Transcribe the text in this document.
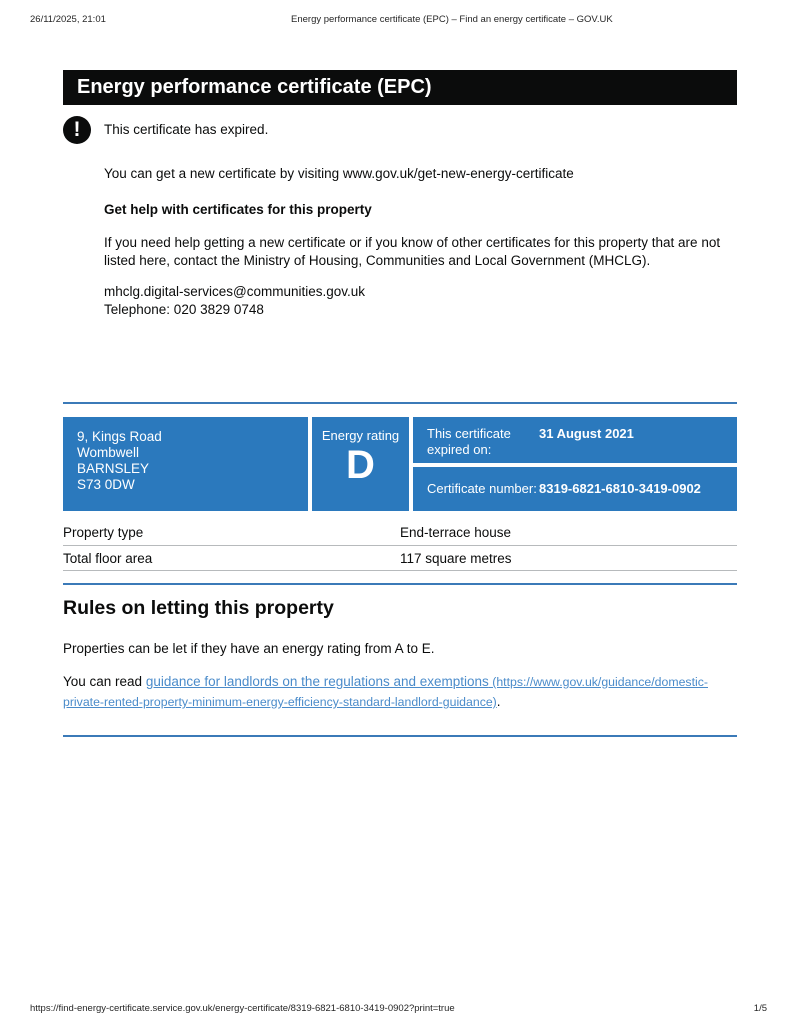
26/11/2025, 21:01	Energy performance certificate (EPC) – Find an energy certificate – GOV.UK
https://find-energy-certificate.service.gov.uk/energy-certificate/8319-6821-6810-3419-0902?print=true	1/5
Energy performance certificate (EPC)
!	This certificate has expired.

You can get a new certificate by visiting www.gov.uk/get-new-energy-certificate

Get help with certificates for this property

If you need help getting a new certificate or if you know of other certificates for this property that are not
listed here, contact the Ministry of Housing, Communities and Local Government (MHCLG).

mhclg.digital-services@communities.gov.uk
Telephone: 020 3829 0748

9, Kings Road
Wombwell
BARNSLEY
S73 0DW
Energy rating
D
This certificate expired on:
31 August 2021
Certificate number: 8319-6821-6810-3419-0902
Property type	End-terrace house
Total floor area	117 square metres
Rules on letting this property

Properties can be let if they have an energy rating from A to E.

You can read guidance for landlords on the regulations and exemptions (https://www.gov.uk/guidance/domestic-
private-rented-property-minimum-energy-efficiency-standard-landlord-guidance).
